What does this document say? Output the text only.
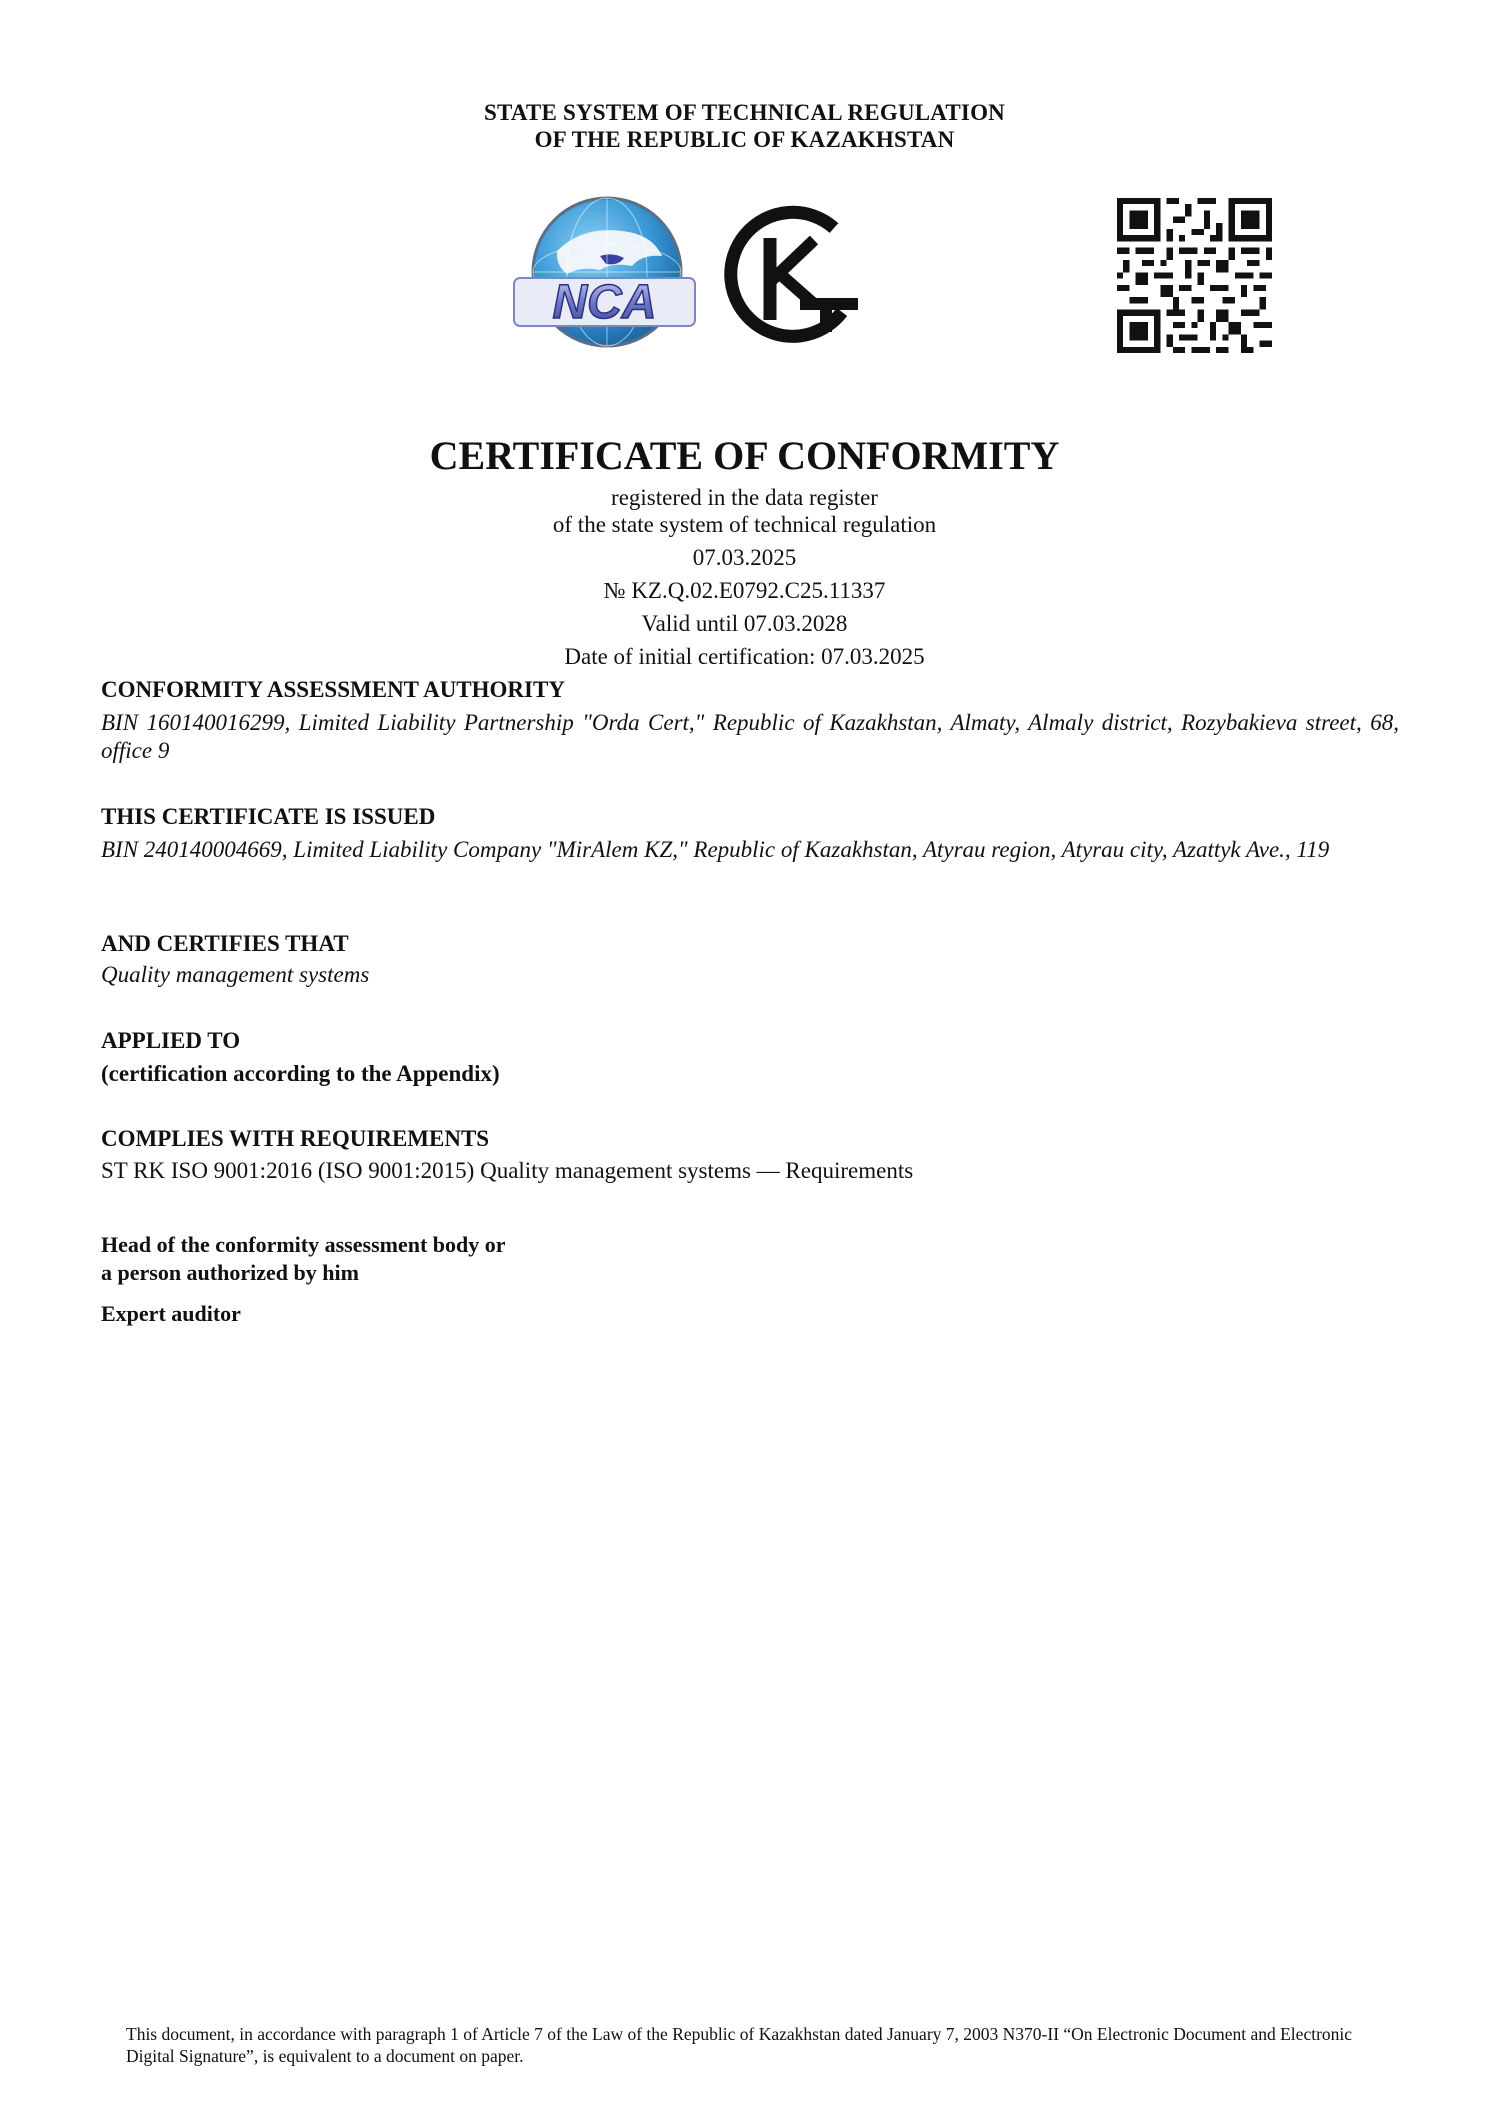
STATE SYSTEM OF TECHNICAL REGULATION
OF THE REPUBLIC OF KAZAKHSTAN
NCA
CERTIFICATE OF CONFORMITY
registered in the data register
of the state system of technical regulation
07.03.2025
№ KZ.Q.02.E0792.C25.11337
Valid until 07.03.2028
Date of initial certification: 07.03.2025
CONFORMITY ASSESSMENT AUTHORITY
BIN 160140016299, Limited Liability Partnership "Orda Cert," Republic of Kazakhstan, Almaty, Almaly district, Rozybakieva street, 68, office 9
THIS CERTIFICATE IS ISSUED
BIN 240140004669, Limited Liability Company "MirAlem KZ," Republic of Kazakhstan, Atyrau region, Atyrau city, Azattyk Ave., 119
AND CERTIFIES THAT
Quality management systems
APPLIED TO
(certification according to the Appendix)
COMPLIES WITH REQUIREMENTS
ST RK ISO 9001:2016 (ISO 9001:2015) Quality management systems — Requirements
Head of the conformity assessment body or
a person authorized by him
Expert auditor
This document, in accordance with paragraph 1 of Article 7 of the Law of the Republic of Kazakhstan dated January 7, 2003 N370-II “On Electronic Document and Electronic Digital Signature”, is equivalent to a document on paper.
